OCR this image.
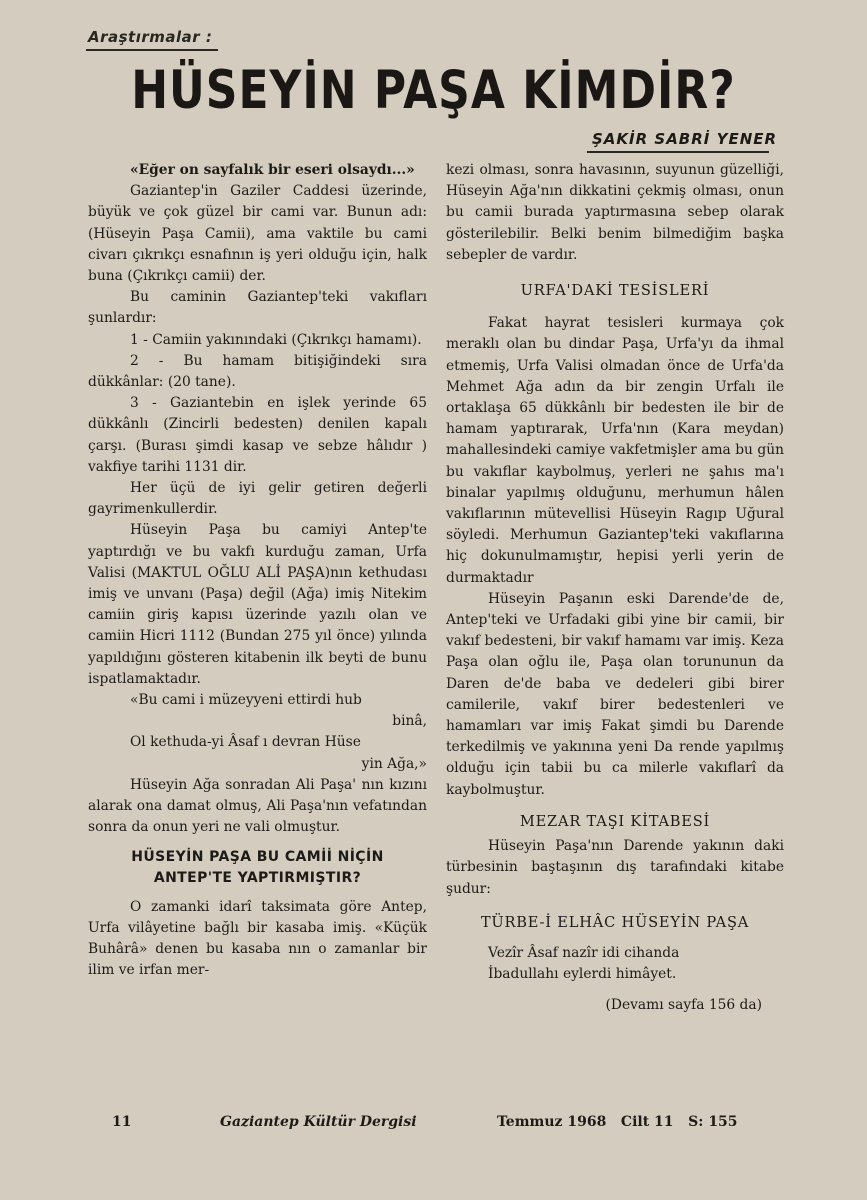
Araştırmalar :
HÜSEYİN PAŞA KİMDİR?
ŞAKİR SABRİ YENER

«Eğer on sayfalık bir eseri olsaydı...»

Gaziantep'in Gaziler Caddesi üzerinde, büyük ve çok güzel bir cami var. Bunun adı: (Hüseyin Paşa Camii), ama vaktile bu cami civarı çıkrıkçı esnafının iş yeri olduğu için, halk buna (Çıkrıkçı camii) der.

Bu caminin Gaziantep'teki vakıfları şunlardır:

1 - Camiin yakınındaki (Çıkrıkçı hamamı).

2 - Bu hamam bitişiğindeki sıra dükkânlar: (20 tane).

3 - Gaziantebin en işlek yerinde 65 dükkânlı (Zincirli bedesten) denilen kapalı çarşı. (Burası şimdi kasap ve sebze hâlıdır ) vakfiye tarihi 1131 dir.

Her üçü de iyi gelir getiren değerli gayrimenkullerdir.

Hüseyin Paşa bu camiyi Antep'te yaptırdığı ve bu vakfı kurduğu zaman, Urfa Valisi (MAKTUL OĞLU ALİ PAŞA)nın kethudası imiş ve unvanı (Paşa) değil (Ağa) imiş Nitekim camiin giriş kapısı üzerinde yazılı olan ve camiin Hicri 1112 (Bundan 275 yıl önce) yılında yapıldığını gösteren kitabenin ilk beyti de bunu ispatlamaktadır.

«Bu cami i müzeyyeni ettirdi hub

binâ,

Ol kethuda-yi Âsaf ı devran Hüse

yin Ağa,»

Hüseyin Ağa sonradan Ali Paşa' nın kızını alarak ona damat olmuş, Ali Paşa'nın vefatından sonra da onun yeri ne vali olmuştur.

HÜSEYİN PAŞA BU CAMİİ NİÇİN
ANTEP'TE YAPTIRMIŞTIR?

O zamanki idarî taksimata göre Antep, Urfa vilâyetine bağlı bir kasaba imiş. «Küçük Buhârâ» denen bu kasaba nın o zamanlar bir ilim ve irfan mer-

kezi olması, sonra havasının, suyunun güzelliği, Hüseyin Ağa'nın dikkatini çekmiş olması, onun bu camii burada yaptırmasına sebep olarak gösterilebilir. Belki benim bilmediğim başka sebepler de vardır.

URFA'DAKİ TESİSLERİ

Fakat hayrat tesisleri kurmaya çok meraklı olan bu dindar Paşa, Urfa'yı da ihmal etmemiş, Urfa Valisi olmadan önce de Urfa'da Mehmet Ağa adın da bir zengin Urfalı ile ortaklaşa 65 dükkânlı bir bedesten ile bir de hamam yaptırarak, Urfa'nın (Kara meydan) mahallesindeki camiye vakfetmişler ama bu gün bu vakıflar kaybolmuş, yerleri ne şahıs ma'ı binalar yapılmış olduğunu, merhumun hâlen vakıflarının mütevellisi Hüseyin Ragıp Uğural söyledi. Merhumun Gaziantep'teki vakıflarına hiç dokunulmamıştır, hepisi yerli yerin de durmaktadır

Hüseyin Paşanın eski Darende'de de, Antep'teki ve Urfadaki gibi yine bir camii, bir vakıf bedesteni, bir vakıf hamamı var imiş. Keza Paşa olan oğlu ile, Paşa olan torununun da Daren de'de baba ve dedeleri gibi birer camilerile, vakıf birer bedestenleri ve hamamları var imiş Fakat şimdi bu Darende terkedilmiş ve yakınına yeni Da rende yapılmış olduğu için tabii bu ca milerle vakıflarî da kaybolmuştur.

MEZAR TAŞI KİTABESİ

Hüseyin Paşa'nın Darende yakının daki türbesinin baştaşının dış tarafındaki kitabe şudur:

TÜRBE-İ ELHÂC HÜSEYİN PAŞA

Vezîr Âsaf nazîr idi cihanda

İbadullahı eylerdi himâyet.

(Devamı sayfa 156 da)

11	Gaziantep Kültür Dergisi	Temmuz 1968   Cilt 11   S: 155
